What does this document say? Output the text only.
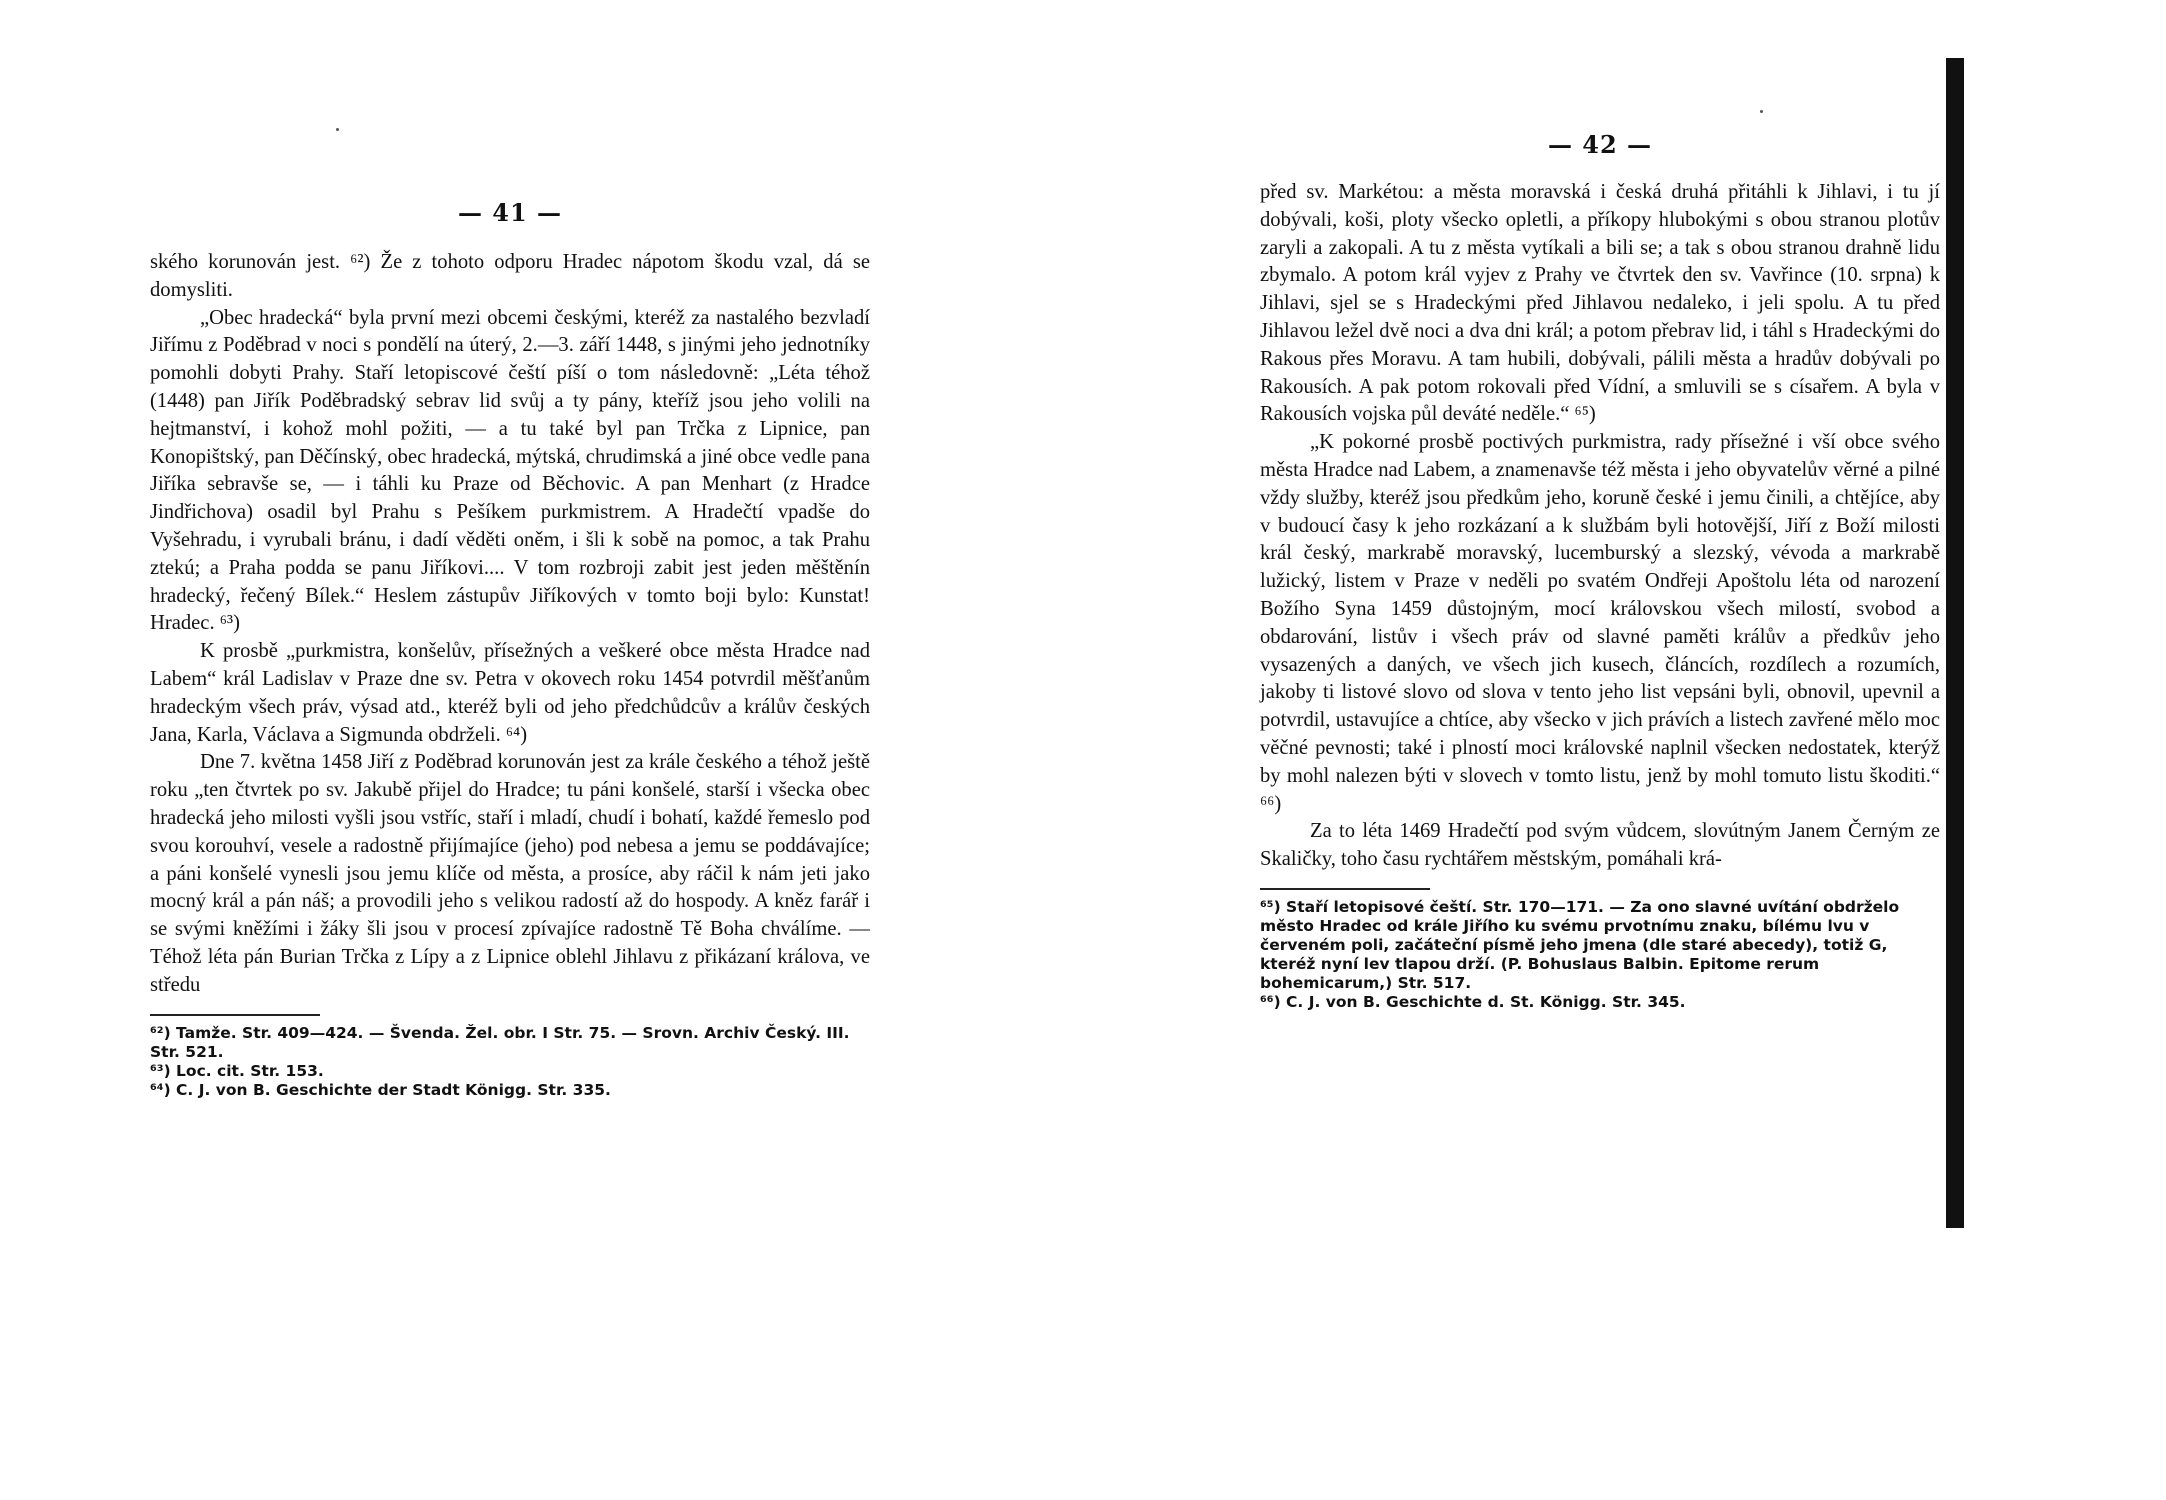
— 41 —

ského korunován jest. ⁶²) Že z tohoto odporu Hradec nápotom škodu vzal, dá se domysliti.

„Obec hradecká“ byla první mezi obcemi českými, kteréž za nastalého bezvladí Jiřímu z Poděbrad v noci s pondělí na úterý, 2.—3. září 1448, s jinými jeho jednotníky pomohli dobyti Prahy. Staří letopiscové čeští píší o tom následovně: „Léta téhož (1448) pan Jiřík Poděbradský sebrav lid svůj a ty pány, kteříž jsou jeho volili na hejtmanství, i kohož mohl požiti, — a tu také byl pan Trčka z Lipnice, pan Konopištský, pan Děčínský, obec hradecká, mýtská, chrudimská a jiné obce vedle pana Jiříka sebravše se, — i táhli ku Praze od Běchovic. A pan Menhart (z Hradce Jindřichova) osadil byl Prahu s Pešíkem purkmistrem. A Hradečtí vpadše do Vyšehradu, i vyrubali bránu, i dadí věděti oněm, i šli k sobě na pomoc, a tak Prahu ztekú; a Praha podda se panu Jiříkovi.... V tom rozbroji zabit jest jeden měštěnín hradecký, řečený Bílek.“ Heslem zástupův Jiříkových v tomto boji bylo: Kunstat! Hradec. ⁶³)

K prosbě „purkmistra, konšelův, přísežných a veškeré obce města Hradce nad Labem“ král Ladislav v Praze dne sv. Petra v okovech roku 1454 potvrdil měšťanům hradeckým všech práv, výsad atd., kteréž byli od jeho předchůdcův a králův českých Jana, Karla, Václava a Sigmunda obdrželi. ⁶⁴)

Dne 7. května 1458 Jiří z Poděbrad korunován jest za krále českého a téhož ještě roku „ten čtvrtek po sv. Jakubě přijel do Hradce; tu páni konšelé, starší i všecka obec hradecká jeho milosti vyšli jsou vstříc, staří i mladí, chudí i bohatí, každé řemeslo pod svou korouhví, vesele a radostně přijímajíce (jeho) pod nebesa a jemu se poddávajíce; a páni konšelé vynesli jsou jemu klíče od města, a prosíce, aby ráčil k nám jeti jako mocný král a pán náš; a provodili jeho s velikou radostí až do hospody. A kněz farář i se svými kněžími i žáky šli jsou v procesí zpívajíce radostně Tě Boha chválíme. — Téhož léta pán Burian Trčka z Lípy a z Lipnice oblehl Jihlavu z přikázaní králova, ve středu

⁶²) Tamže. Str. 409—424. — Švenda. Žel. obr. I Str. 75. — Srovn. Archiv Český. III. Str. 521.

⁶³) Loc. cit. Str. 153.

⁶⁴) C. J. von B. Geschichte der Stadt Königg. Str. 335.

— 42 —

před sv. Markétou: a města moravská i česká druhá přitáhli k Jihlavi, i tu jí dobývali, koši, ploty všecko opletli, a příkopy hlubokými s obou stranou plotův zaryli a zakopali. A tu z města vytíkali a bili se; a tak s obou stranou drahně lidu zbymalo. A potom král vyjev z Prahy ve čtvrtek den sv. Vavřince (10. srpna) k Jihlavi, sjel se s Hradeckými před Jihlavou nedaleko, i jeli spolu. A tu před Jihlavou ležel dvě noci a dva dni král; a potom přebrav lid, i táhl s Hradeckými do Rakous přes Moravu. A tam hubili, dobývali, pálili města a hradův dobývali po Rakousích. A pak potom rokovali před Vídní, a smluvili se s císařem. A byla v Rakousích vojska půl deváté neděle.“ ⁶⁵)

„K pokorné prosbě poctivých purkmistra, rady přísežné i vší obce svého města Hradce nad Labem, a znamenavše též města i jeho obyvatelův věrné a pilné vždy služby, kteréž jsou předkům jeho, koruně české i jemu činili, a chtějíce, aby v budoucí časy k jeho rozkázaní a k službám byli hotovější, Jiří z Boží milosti král český, markrabě moravský, lucemburský a slezský, vévoda a markrabě lužický, listem v Praze v neděli po svatém Ondřeji Apoštolu léta od narození Božího Syna 1459 důstojným, mocí královskou všech milostí, svobod a obdarování, listův i všech práv od slavné paměti králův a předkův jeho vysazených a daných, ve všech jich kusech, článcích, rozdílech a rozumích, jakoby ti listové slovo od slova v tento jeho list vepsáni byli, obnovil, upevnil a potvrdil, ustavujíce a chtíce, aby všecko v jich právích a listech zavřené mělo moc věčné pevnosti; také i plností moci královské naplnil všecken nedostatek, kterýž by mohl nalezen býti v slovech v tomto listu, jenž by mohl tomuto listu škoditi.“ ⁶⁶)

Za to léta 1469 Hradečtí pod svým vůdcem, slovútným Janem Černým ze Skaličky, toho času rychtářem městským, pomáhali krá-

⁶⁵) Staří letopisové čeští. Str. 170—171. — Za ono slavné uvítání obdrželo město Hradec od krále Jiřího ku svému prvotnímu znaku, bílému lvu v červeném poli, začáteční písmě jeho jmena (dle staré abecedy), totiž G, kteréž nyní lev tlapou drží. (P. Bohuslaus Balbin. Epitome rerum bohemicarum,) Str. 517.

⁶⁶) C. J. von B. Geschichte d. St. Königg. Str. 345.
